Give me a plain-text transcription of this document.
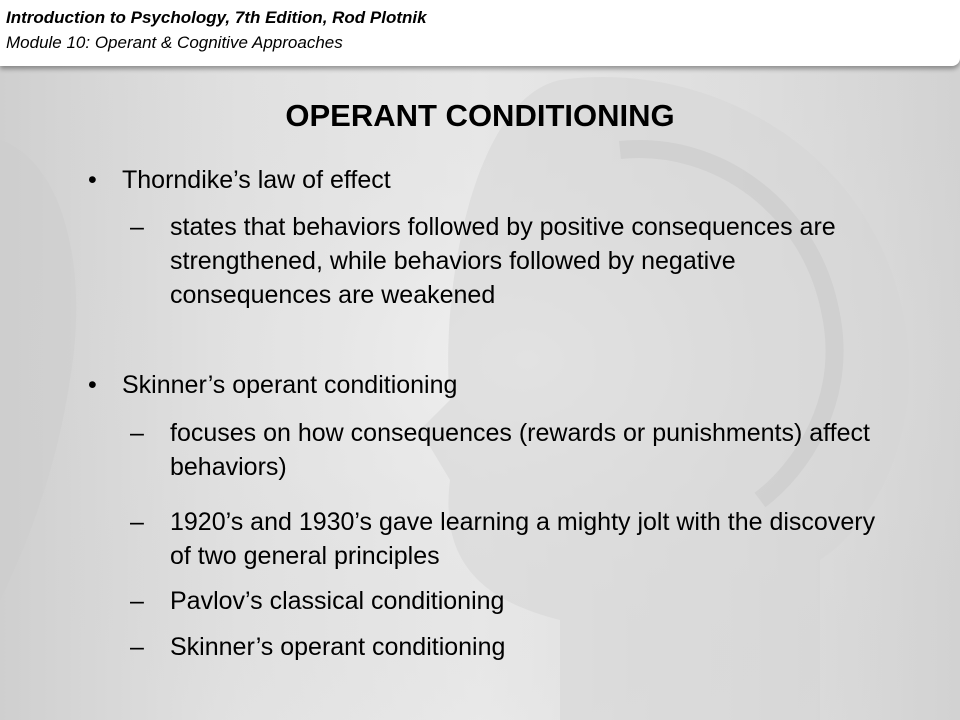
Introduction to Psychology, 7th Edition, Rod Plotnik
Module 10: Operant & Cognitive Approaches
OPERANT CONDITIONING
• Thorndike’s law of effect
– states that behaviors followed by positive consequences are strengthened, while behaviors followed by negative consequences are weakened
• Skinner’s operant conditioning
– focuses on how consequences (rewards or punishments) affect behaviors)
– 1920’s and 1930’s gave learning a mighty jolt with the discovery of two general principles
– Pavlov’s classical conditioning
– Skinner’s operant conditioning
